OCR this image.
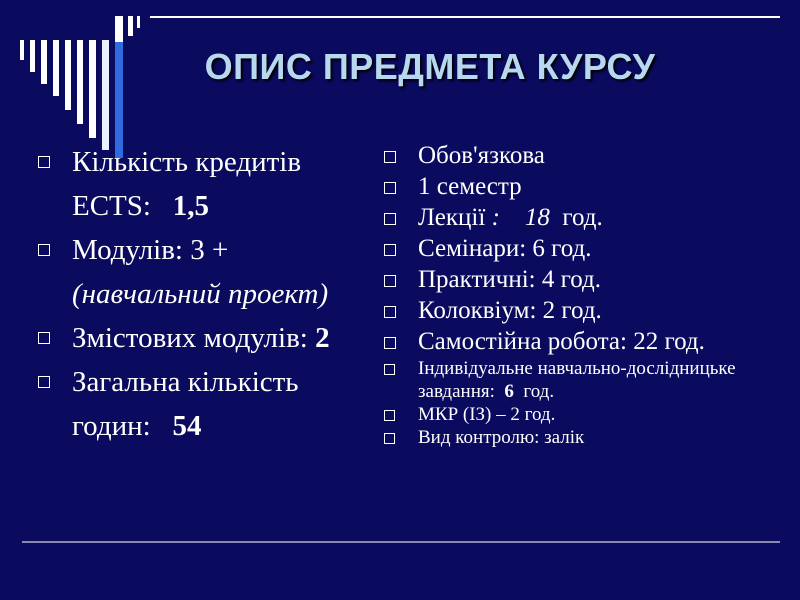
ОПИС ПРЕДМЕТА КУРСУ
Кількість кредитів ECTS: 1,5
Модулів: 3 + (навчальний проект)
Змістових модулів: 2
Загальна кількість годин: 54
Обов'язкова
1 семестр
Лекції : 18 год.
Семінари: 6 год.
Практичні: 4 год.
Колоквіум: 2 год.
Самостійна робота: 22 год.
Індивідуальне навчально-дослідницьке завдання: 6 год.
МКР (ІЗ) – 2 год.
Вид контролю: залік
